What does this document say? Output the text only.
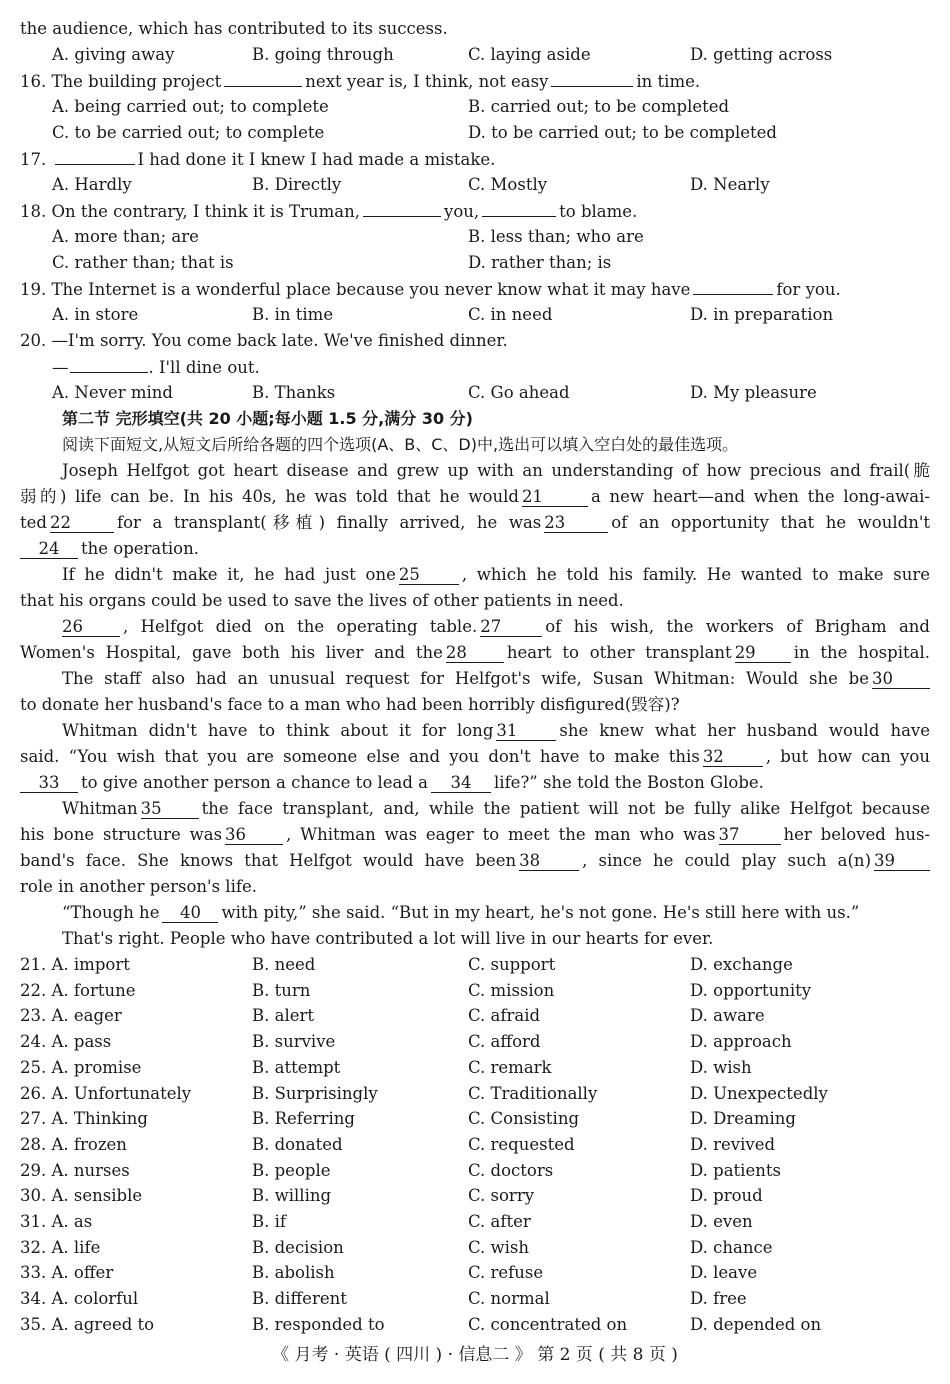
the audience, which has contributed to its success.
A. giving away	B. going through	C. laying aside	D. getting across
16. The building project	next year is, I think, not easy	in time.
A. being carried out; to complete	B. carried out; to be completed
C. to be carried out; to complete	D. to be carried out; to be completed
17.	I had done it I knew I had made a mistake.
A. Hardly	B. Directly	C. Mostly	D. Nearly
18. On the contrary, I think it is Truman,	you,	to blame.
A. more than; are	B. less than; who are
C. rather than; that is	D. rather than; is
19. The Internet is a wonderful place because you never know what it may have	for you.
A. in store	B. in time	C. in need	D. in preparation
20. —I'm sorry. You come back late. We've finished dinner.
—	. I'll dine out.
A. Never mind	B. Thanks	C. Go ahead	D. My pleasure
第二节 完形填空(共 20 小题;每小题 1.5 分,满分 30 分)
阅读下面短文,从短文后所给各题的四个选项(A、B、C、D)中,选出可以填入空白处的最佳选项。
Joseph Helfgot got heart disease and grew up with an understanding of how precious and frail(脆
弱的) life can be. In his 40s, he was told that he would 21	a new heart—and when the long-awai-
ted 22	for a transplant(移植) finally arrived, he was 23	of an opportunity that he wouldn't
24 the operation.
If he didn't make it, he had just one 25	, which he told his family. He wanted to make sure
that his organs could be used to save the lives of other patients in need.
26 , Helfgot died on the operating table. 27	of his wish, the workers of Brigham and
Women's Hospital, gave both his liver and the 28 heart to other transplant 29 in the hospital.
The staff also had an unusual request for Helfgot's wife, Susan Whitman: Would she be 30
to donate her husband's face to a man who had been horribly disfigured(毁容)?
Whitman didn't have to think about it for long 31	she knew what her husband would have
said. “You wish that you are someone else and you don't have to make this 32	, but how can you
33 to give another person a chance to lead a 34 life?” she told the Boston Globe.
Whitman 35 the face transplant, and, while the patient will not be fully alike Helfgot because
his bone structure was 36 , Whitman was eager to meet the man who was 37	her beloved hus-
band's face. She knows that Helfgot would have been 38	, since he could play such a(n) 39
role in another person's life.
“Though he 40 with pity,” she said. “But in my heart, he's not gone. He's still here with us.”
That's right. People who have contributed a lot will live in our hearts for ever.
21. A. import	B. need	C. support	D. exchange
22. A. fortune	B. turn	C. mission	D. opportunity
23. A. eager	B. alert	C. afraid	D. aware
24. A. pass	B. survive	C. afford	D. approach
25. A. promise	B. attempt	C. remark	D. wish
26. A. Unfortunately	B. Surprisingly	C. Traditionally	D. Unexpectedly
27. A. Thinking	B. Referring	C. Consisting	D. Dreaming
28. A. frozen	B. donated	C. requested	D. revived
29. A. nurses	B. people	C. doctors	D. patients
30. A. sensible	B. willing	C. sorry	D. proud
31. A. as	B. if	C. after	D. even
32. A. life	B. decision	C. wish	D. chance
33. A. offer	B. abolish	C. refuse	D. leave
34. A. colorful	B. different	C. normal	D. free
35. A. agreed to	B. responded to	C. concentrated on	D. depended on
《 月考 · 英语 ( 四川 ) · 信息二 》 第 2 页 ( 共 8 页 )
